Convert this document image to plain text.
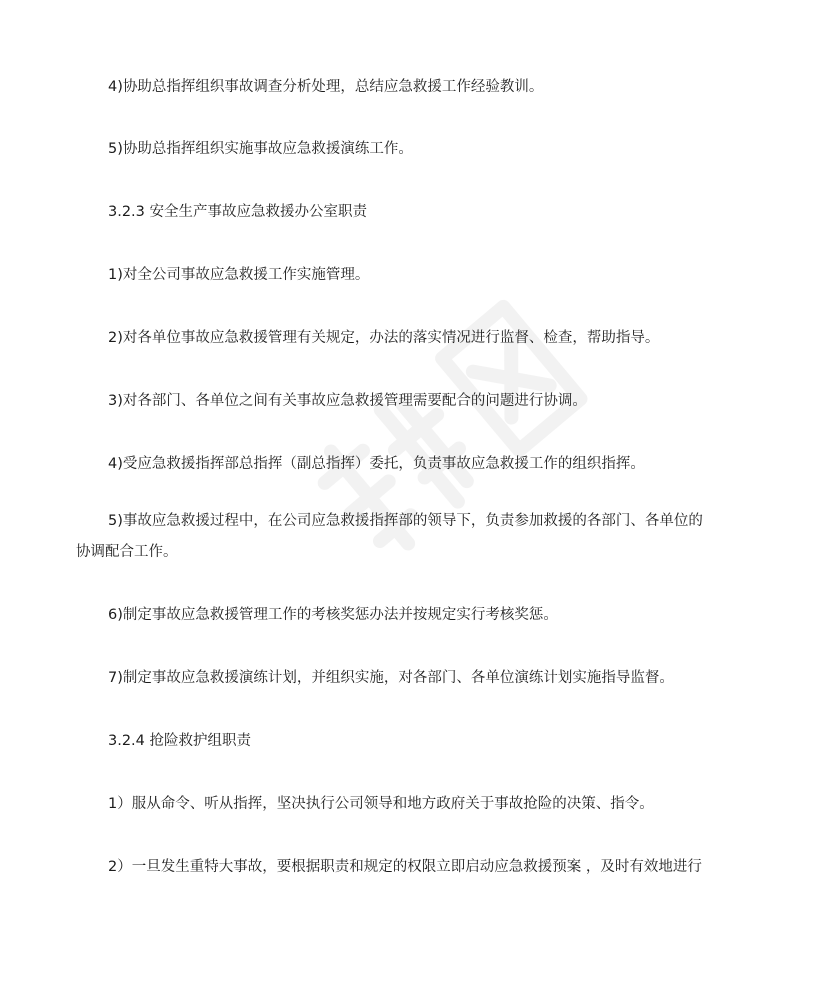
4)协助总指挥组织事故调查分析处理，总结应急救援工作经验教训。
5)协助总指挥组织实施事故应急救援演练工作。
3.2.3 安全生产事故应急救援办公室职责
1)对全公司事故应急救援工作实施管理。
2)对各单位事故应急救援管理有关规定，办法的落实情况进行监督、检查，帮助指导。
3)对各部门、各单位之间有关事故应急救援管理需要配合的问题进行协调。
4)受应急救援指挥部总指挥（副总指挥）委托，负责事故应急救援工作的组织指挥。
5)事故应急救援过程中，在公司应急救援指挥部的领导下，负责参加救援的各部门、各单位的
协调配合工作。
6)制定事故应急救援管理工作的考核奖惩办法并按规定实行考核奖惩。
7)制定事故应急救援演练计划，并组织实施，对各部门、各单位演练计划实施指导监督。
3.2.4 抢险救护组职责
1）服从命令、听从指挥，坚决执行公司领导和地方政府关于事故抢险的决策、指令。
2）一旦发生重特大事故，要根据职责和规定的权限立即启动应急救援预案 ，及时有效地进行
